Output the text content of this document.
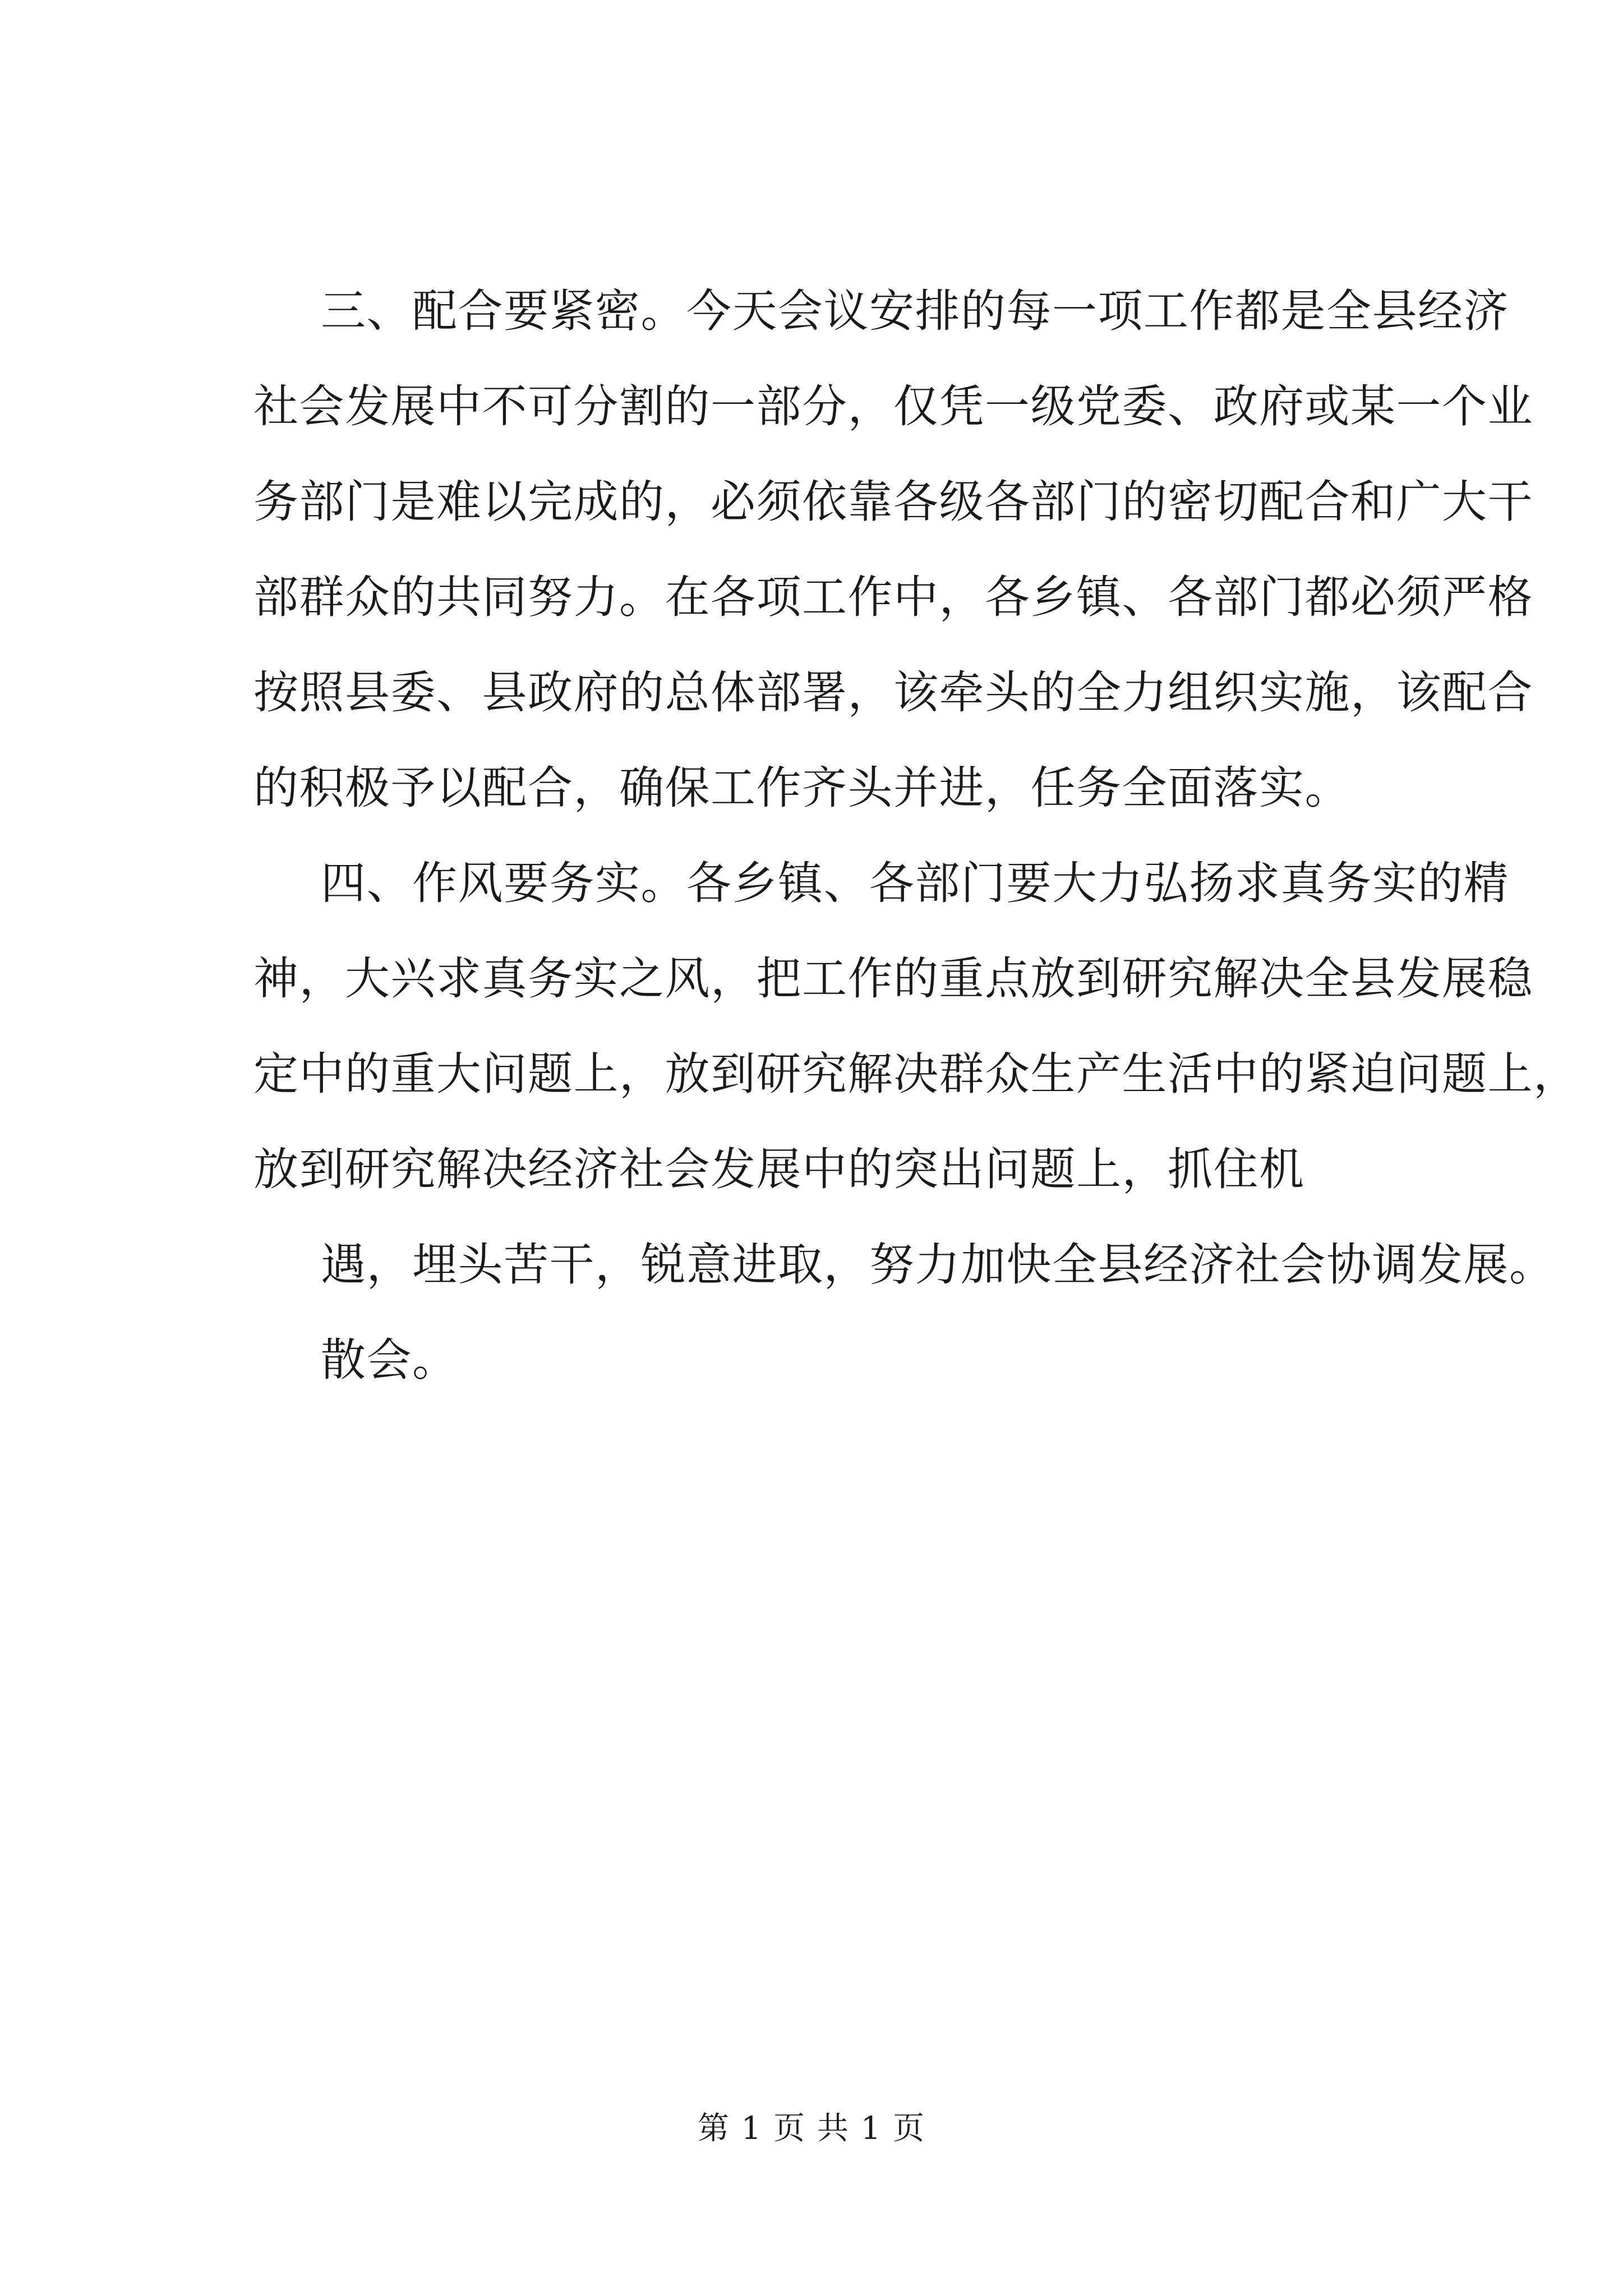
三、配合要紧密。今天会议安排的每一项工作都是全县经济
社会发展中不可分割的一部分，仅凭一级党委、政府或某一个业
务部门是难以完成的，必须依靠各级各部门的密切配合和广大干
部群众的共同努力。在各项工作中，各乡镇、各部门都必须严格
按照县委、县政府的总体部署，该牵头的全力组织实施，该配合
的积极予以配合，确保工作齐头并进，任务全面落实。
四、作风要务实。各乡镇、各部门要大力弘扬求真务实的精
神，大兴求真务实之风，把工作的重点放到研究解决全县发展稳
定中的重大问题上，放到研究解决群众生产生活中的紧迫问题上，
放到研究解决经济社会发展中的突出问题上，抓住机
遇，埋头苦干，锐意进取，努力加快全县经济社会协调发展。
散会。
第 1 页 共 1 页
